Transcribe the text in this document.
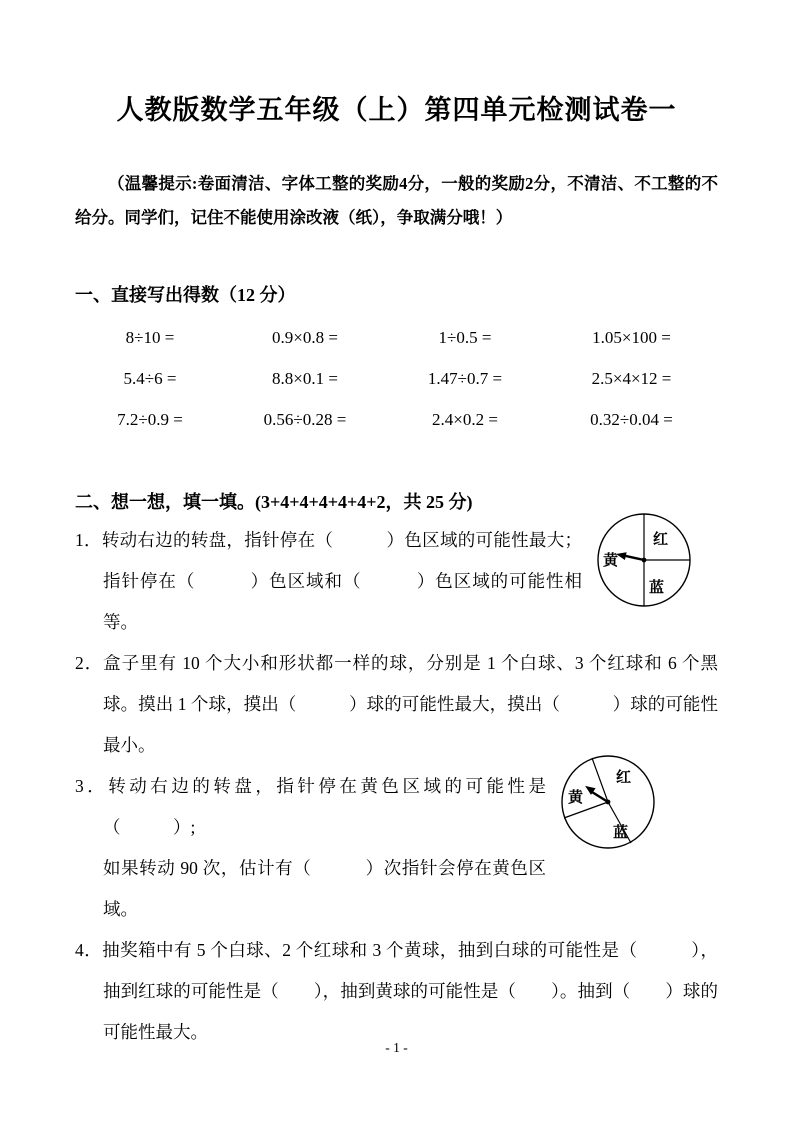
人教版数学五年级（上）第四单元检测试卷一

（温馨提示:卷面清洁、字体工整的奖励4分，一般的奖励2分，不清洁、不工整的不给分。同学们，记住不能使用涂改液（纸），争取满分哦！）

一、直接写出得数（12 分）
8÷10 =	0.9×0.8 =	1÷0.5 =	1.05×100 =
5.4÷6 =	8.8×0.1 =	1.47÷0.7 =	2.5×4×12 =
7.2÷0.9 =	0.56÷0.28 =	2.4×0.2 =	0.32÷0.04 =
二、想一想，填一填。(3+4+4+4+4+4+2，共 25 分)
红
黄
蓝
1．转动右边的转盘，指针停在（　　　）色区域的可能性最大；指针停在（　　　）色区域和（　　　）色区域的可能性相等。
2．盒子里有 10 个大小和形状都一样的球，分别是 1 个白球、3 个红球和 6 个黑球。摸出 1 个球，摸出（　　　）球的可能性最大，摸出（　　　）球的可能性最小。
红
黄
蓝
3．转动右边的转盘，指针停在黄色区域的可能性是（　　　）;
如果转动 90 次，估计有（　　　）次指针会停在黄色区域。
4．抽奖箱中有 5 个白球、2 个红球和 3 个黄球，抽到白球的可能性是（　　　），抽到红球的可能性是（　　），抽到黄球的可能性是（　　）。抽到（　　）球的可能性最大。
- 1 -
